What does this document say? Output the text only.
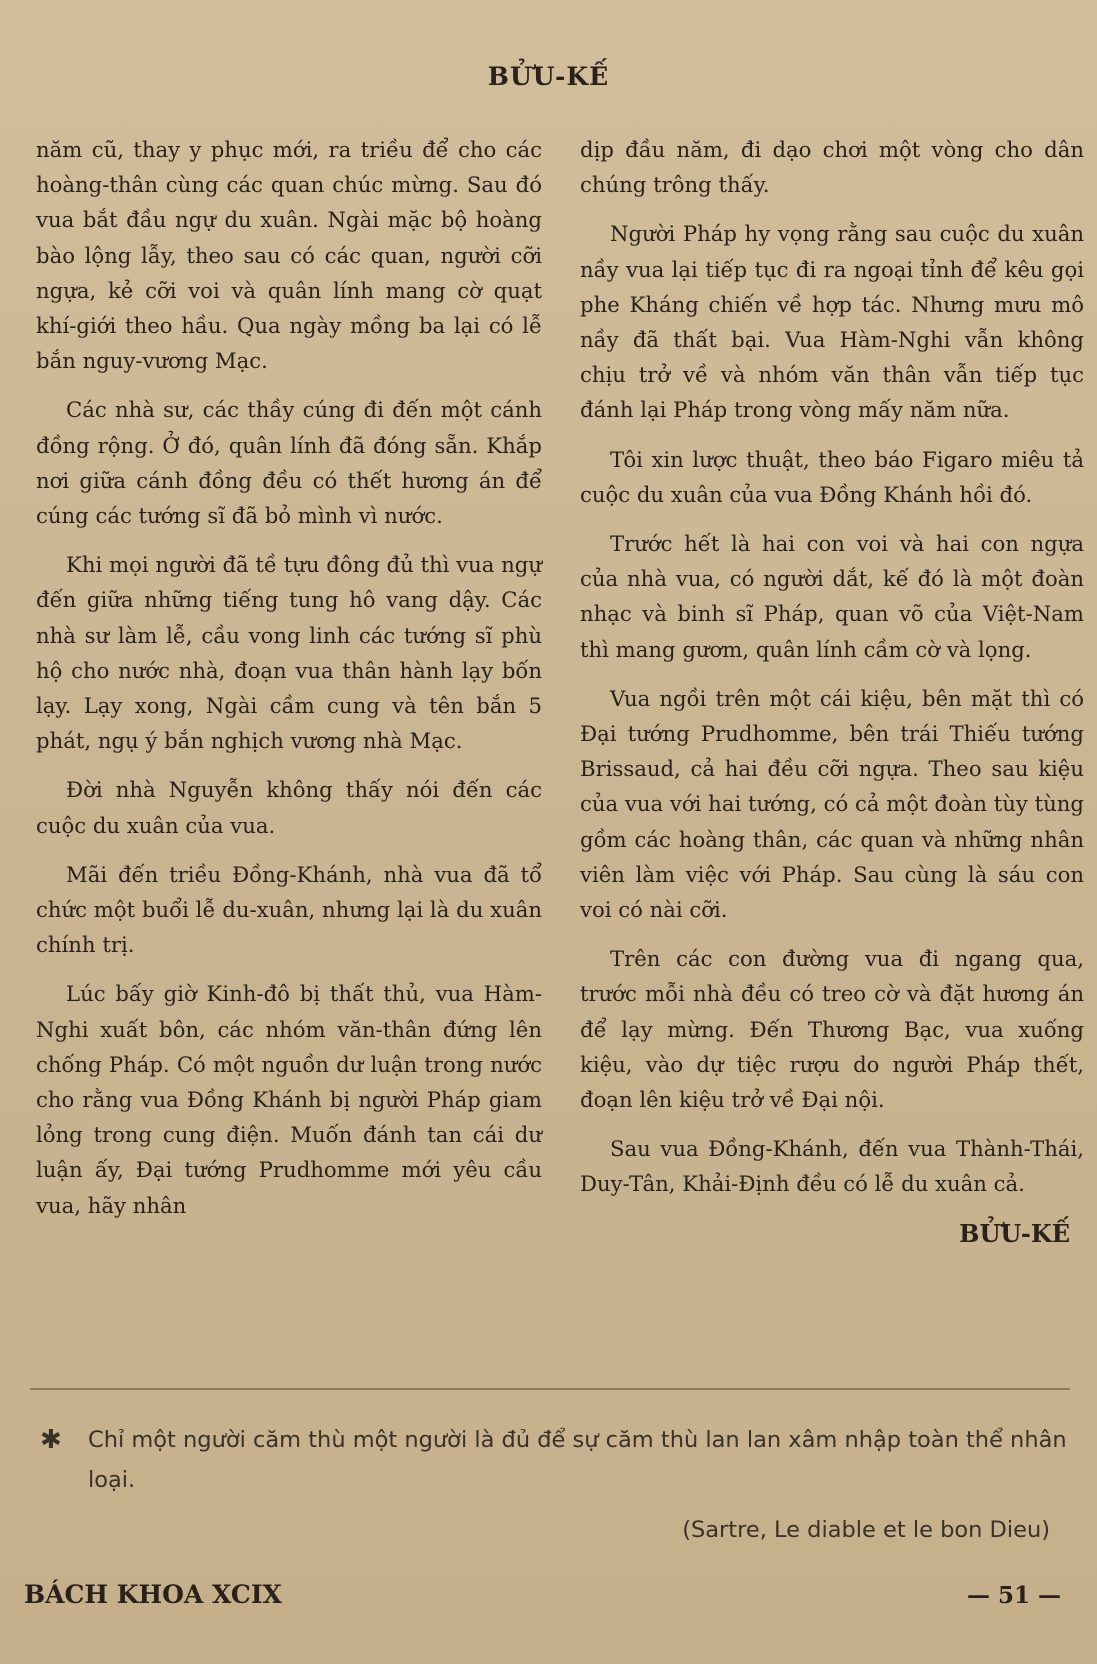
BỬU-KẾ

năm cũ, thay y phục mới, ra triều để cho các hoàng-thân cùng các quan chúc mừng. Sau đó vua bắt đầu ngự du xuân. Ngài mặc bộ hoàng bào lộng lẫy, theo sau có các quan, người cỡi ngựa, kẻ cỡi voi và quân lính mang cờ quạt khí-giới theo hầu. Qua ngày mồng ba lại có lễ bắn nguy-vương Mạc.

Các nhà sư, các thầy cúng đi đến một cánh đồng rộng. Ở đó, quân lính đã đóng sẵn. Khắp nơi giữa cánh đồng đều có thết hương án để cúng các tướng sĩ đã bỏ mình vì nước.

Khi mọi người đã tề tựu đông đủ thì vua ngự đến giữa những tiếng tung hô vang dậy. Các nhà sư làm lễ, cầu vong linh các tướng sĩ phù hộ cho nước nhà, đoạn vua thân hành lạy bốn lạy. Lạy xong, Ngài cầm cung và tên bắn 5 phát, ngụ ý bắn nghịch vương nhà Mạc.

Đời nhà Nguyễn không thấy nói đến các cuộc du xuân của vua.

Mãi đến triều Đồng-Khánh, nhà vua đã tổ chức một buổi lễ du-xuân, nhưng lại là du xuân chính trị.

Lúc bấy giờ Kinh-đô bị thất thủ, vua Hàm-Nghi xuất bôn, các nhóm văn-thân đứng lên chống Pháp. Có một nguồn dư luận trong nước cho rằng vua Đồng Khánh bị người Pháp giam lỏng trong cung điện. Muốn đánh tan cái dư luận ấy, Đại tướng Prudhomme mới yêu cầu vua, hãy nhân

dịp đầu năm, đi dạo chơi một vòng cho dân chúng trông thấy.

Người Pháp hy vọng rằng sau cuộc du xuân nầy vua lại tiếp tục đi ra ngoại tỉnh để kêu gọi phe Kháng chiến về hợp tác. Nhưng mưu mô nầy đã thất bại. Vua Hàm-Nghi vẫn không chịu trở về và nhóm văn thân vẫn tiếp tục đánh lại Pháp trong vòng mấy năm nữa.

Tôi xin lược thuật, theo báo Figaro miêu tả cuộc du xuân của vua Đồng Khánh hồi đó.

Trước hết là hai con voi và hai con ngựa của nhà vua, có người dắt, kế đó là một đoàn nhạc và binh sĩ Pháp, quan võ của Việt-Nam thì mang gươm, quân lính cầm cờ và lọng.

Vua ngồi trên một cái kiệu, bên mặt thì có Đại tướng Prudhomme, bên trái Thiếu tướng Brissaud, cả hai đều cỡi ngựa. Theo sau kiệu của vua với hai tướng, có cả một đoàn tùy tùng gồm các hoàng thân, các quan và những nhân viên làm việc với Pháp. Sau cùng là sáu con voi có nài cỡi.

Trên các con đường vua đi ngang qua, trước mỗi nhà đều có treo cờ và đặt hương án để lạy mừng. Đến Thương Bạc, vua xuống kiệu, vào dự tiệc rượu do người Pháp thết, đoạn lên kiệu trở về Đại nội.

Sau vua Đồng-Khánh, đến vua Thành-Thái, Duy-Tân, Khải-Định đều có lễ du xuân cả.

BỬU-KẾ
✱ Chỉ một người căm thù một người là đủ để sự căm thù lan lan xâm nhập toàn thể nhân loại.
(Sartre, Le diable et le bon Dieu)
BÁCH KHOA XCIX	— 51 —
